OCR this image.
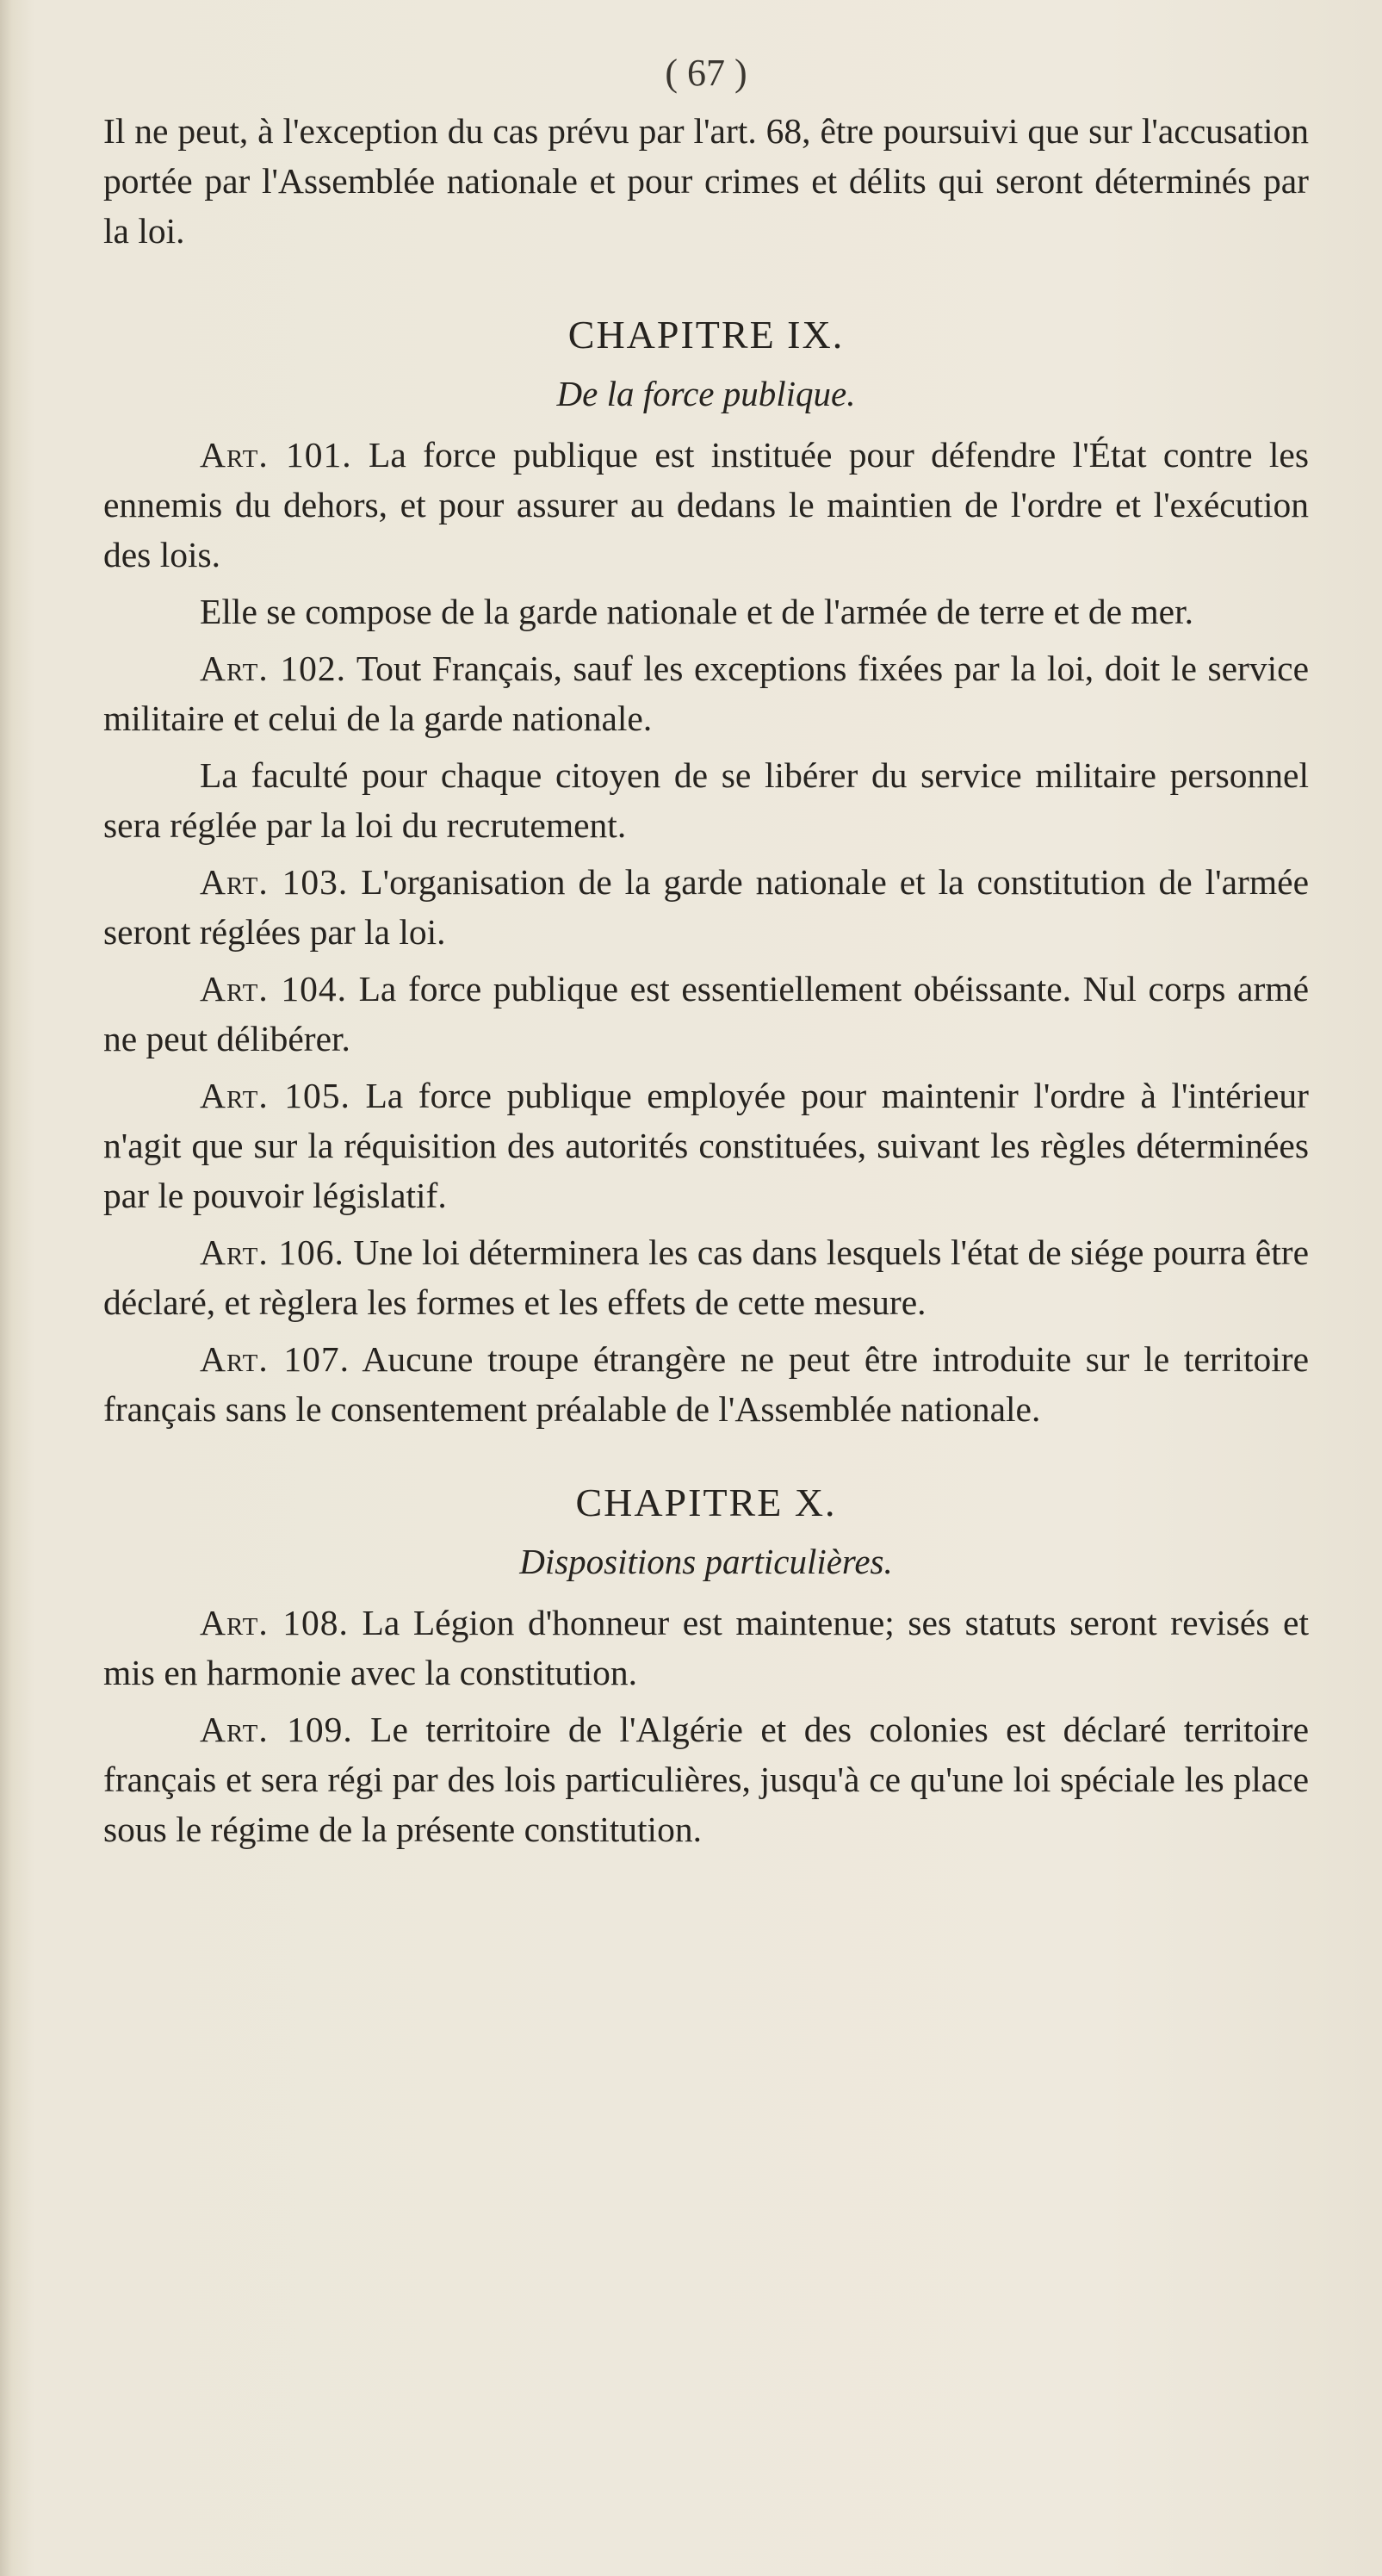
( 67 )

Il ne peut, à l'exception du cas prévu par l'art. 68, être poursuivi que sur l'accusation portée par l'Assemblée nationale et pour crimes et délits qui seront déterminés par la loi.

CHAPITRE IX.
De la force publique.

Art. 101. La force publique est instituée pour défendre l'État contre les ennemis du dehors, et pour assurer au dedans le maintien de l'ordre et l'exécution des lois.

Elle se compose de la garde nationale et de l'armée de terre et de mer.

Art. 102. Tout Français, sauf les exceptions fixées par la loi, doit le service militaire et celui de la garde nationale.

La faculté pour chaque citoyen de se libérer du service militaire personnel sera réglée par la loi du recrutement.

Art. 103. L'organisation de la garde nationale et la constitution de l'armée seront réglées par la loi.

Art. 104. La force publique est essentiellement obéissante. Nul corps armé ne peut délibérer.

Art. 105. La force publique employée pour maintenir l'ordre à l'intérieur n'agit que sur la réquisition des autorités constituées, suivant les règles déterminées par le pouvoir législatif.

Art. 106. Une loi déterminera les cas dans lesquels l'état de siége pourra être déclaré, et règlera les formes et les effets de cette mesure.

Art. 107. Aucune troupe étrangère ne peut être introduite sur le territoire français sans le consentement préalable de l'Assemblée nationale.

CHAPITRE X.
Dispositions particulières.

Art. 108. La Légion d'honneur est maintenue; ses statuts seront revisés et mis en harmonie avec la constitution.

Art. 109. Le territoire de l'Algérie et des colonies est déclaré territoire français et sera régi par des lois particulières, jusqu'à ce qu'une loi spéciale les place sous le régime de la présente constitution.
